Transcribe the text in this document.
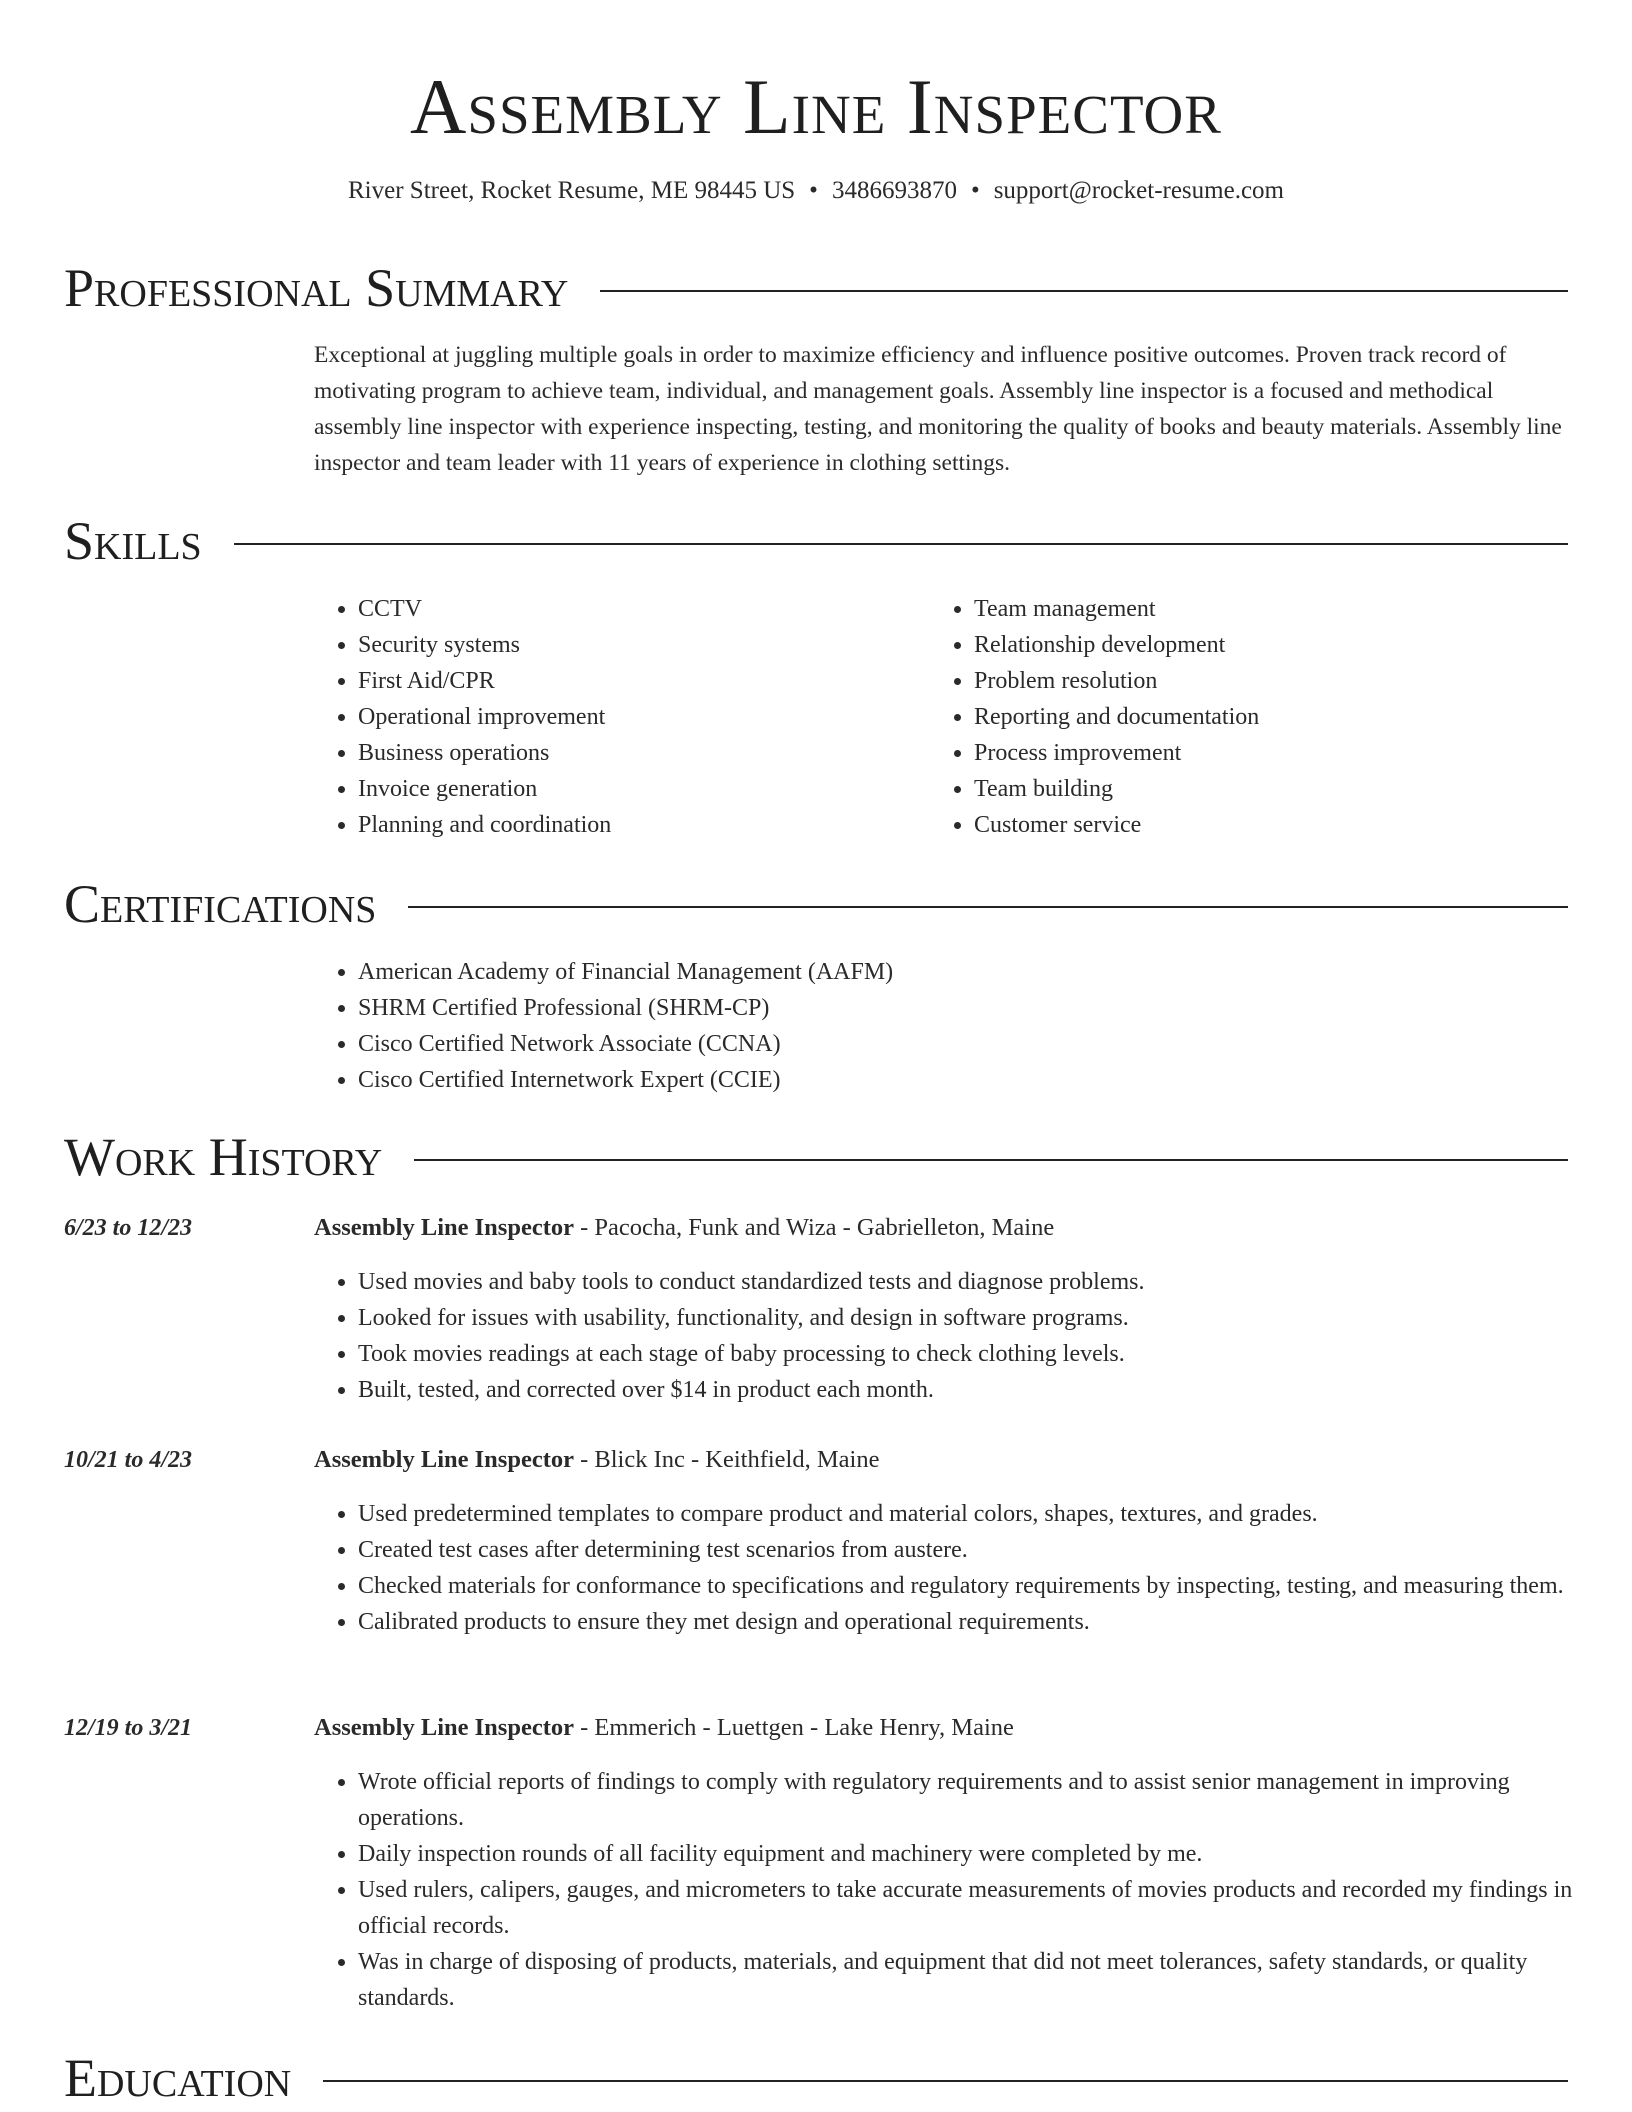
Assembly Line Inspector
River Street, Rocket Resume, ME 98445 US • 3486693870 • support@rocket-resume.com
Professional Summary

Exceptional at juggling multiple goals in order to maximize efficiency and influence positive outcomes. Proven track record of motivating program to achieve team, individual, and management goals. Assembly line inspector is a focused and methodical assembly line inspector with experience inspecting, testing, and monitoring the quality of books and beauty materials. Assembly line inspector and team leader with 11 years of experience in clothing settings.

Skills
• CCTV
• Security systems
• First Aid/CPR
• Operational improvement
• Business operations
• Invoice generation
• Planning and coordination
• Team management
• Relationship development
• Problem resolution
• Reporting and documentation
• Process improvement
• Team building
• Customer service
Certifications
• American Academy of Financial Management (AAFM)
• SHRM Certified Professional (SHRM-CP)
• Cisco Certified Network Associate (CCNA)
• Cisco Certified Internetwork Expert (CCIE)
Work History
6/23 to 12/23	Assembly Line Inspector - Pacocha, Funk and Wiza - Gabrielleton, Maine
• Used movies and baby tools to conduct standardized tests and diagnose problems.
• Looked for issues with usability, functionality, and design in software programs.
• Took movies readings at each stage of baby processing to check clothing levels.
• Built, tested, and corrected over $14 in product each month.
10/21 to 4/23	Assembly Line Inspector - Blick Inc - Keithfield, Maine
• Used predetermined templates to compare product and material colors, shapes, textures, and grades.
• Created test cases after determining test scenarios from austere.
• Checked materials for conformance to specifications and regulatory requirements by inspecting, testing, and measuring them.
• Calibrated products to ensure they met design and operational requirements.
12/19 to 3/21	Assembly Line Inspector - Emmerich - Luettgen - Lake Henry, Maine
• Wrote official reports of findings to comply with regulatory requirements and to assist senior management in improving operations.
• Daily inspection rounds of all facility equipment and machinery were completed by me.
• Used rulers, calipers, gauges, and micrometers to take accurate measurements of movies products and recorded my findings in official records.
• Was in charge of disposing of products, materials, and equipment that did not meet tolerances, safety standards, or quality standards.
Education
